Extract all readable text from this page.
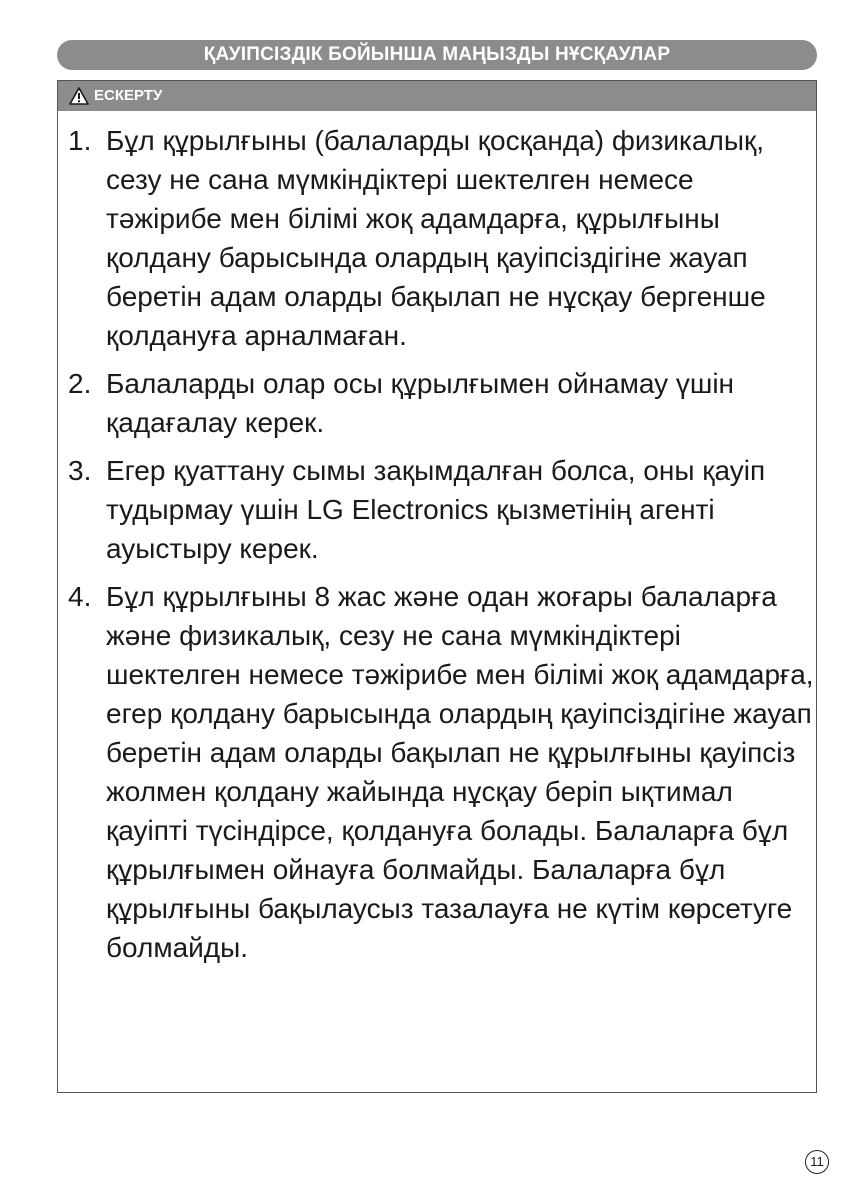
ҚАУІПСІЗДІК БОЙЫНША МАҢЫЗДЫ НҰСҚАУЛАР
ЕСКЕРТУ
1. Бұл құрылғыны (балаларды қосқанда) физикалық, сезу не сана мүмкіндіктері шектелген немесе тәжірибе мен білімі жоқ адамдарға, құрылғыны қолдану барысында олардың қауіпсіздігіне жауап беретін адам оларды бақылап не нұсқау бергенше қолдануға арналмаған.
2. Балаларды олар осы құрылғымен ойнамау үшін қадағалау керек.
3. Егер қуаттану сымы зақымдалған болса, оны қауіп тудырмау үшін LG Electronics қызметінің агенті ауыстыру керек.
4. Бұл құрылғыны 8 жас және одан жоғары балаларға және физикалық, сезу не сана мүмкіндіктері шектелген немесе тәжірибе мен білімі жоқ адамдарға, егер қолдану барысында олардың қауіпсіздігіне жауап беретін адам оларды бақылап не құрылғыны қауіпсіз жолмен қолдану жайында нұсқау беріп ықтимал қауіпті түсіндірсе, қолдануға болады. Балаларға бұл құрылғымен ойнауға болмайды. Балаларға бұл құрылғыны бақылаусыз тазалауға не күтім көрсетуге болмайды.
11
